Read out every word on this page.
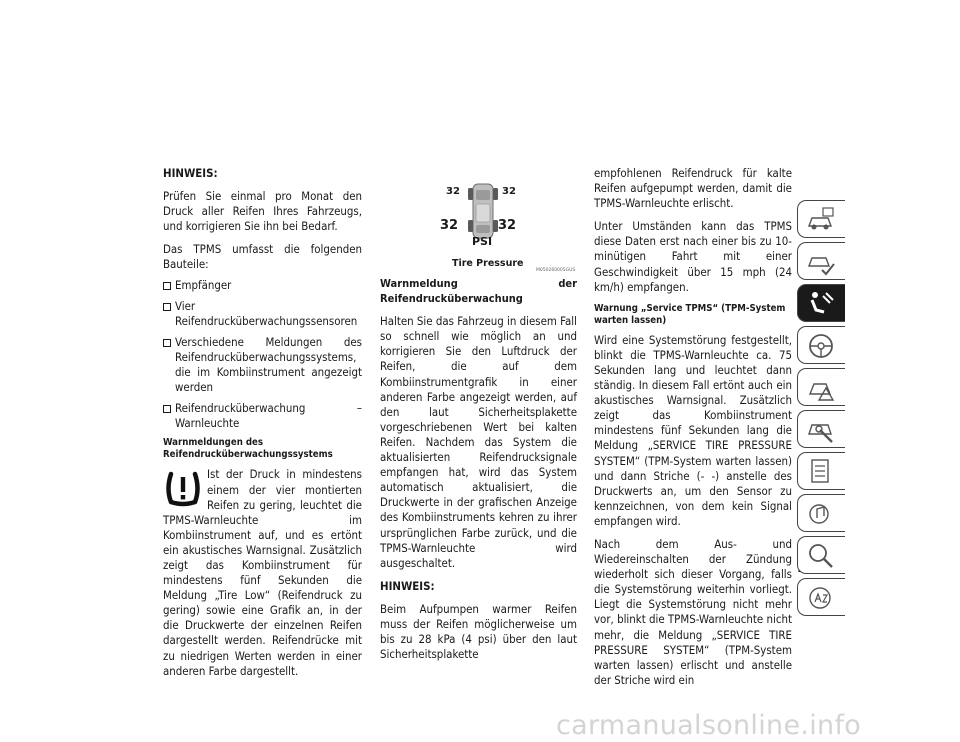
HINWEIS:

Prüfen Sie einmal pro Monat den Druck aller Reifen Ihres Fahrzeugs, und korrigieren Sie ihn bei Bedarf.

Das TPMS umfasst die folgenden Bauteile:

Empfänger
Vier Reifendrucküberwachungssensoren
Verschiedene Meldungen des Reifendrucküberwachungssystems, die im Kombiinstrument angezeigt werden
Reifendrucküberwachung – Warnleuchte
Warnmeldungen des Reifendrucküberwachungssystems

Ist der Druck in mindestens einem der vier montierten Reifen zu gering, leuchtet die TPMS-Warnleuchte im Kombiinstrument auf, und es ertönt ein akustisches Warnsignal. Zusätzlich zeigt das Kombiinstrument für mindestens fünf Sekunden die Meldung „Tire Low“ (Reifendruck zu gering) sowie eine Grafik an, in der die Druckwerte der einzelnen Reifen dargestellt werden. Reifendrücke mit zu niedrigen Werten werden in einer anderen Farbe dargestellt.

32	32
32	32
PSI
Tire Pressure
M050260005GUS

Warnmeldung der Reifendrucküberwachung

Halten Sie das Fahrzeug in diesem Fall so schnell wie möglich an und korrigieren Sie den Luftdruck der Reifen, die auf dem Kombiinstrumentgrafik in einer anderen Farbe angezeigt werden, auf den laut Sicherheitsplakette vorgeschriebenen Wert bei kalten Reifen. Nachdem das System die aktualisierten Reifendrucksignale empfangen hat, wird das System automatisch aktualisiert, die Druckwerte in der grafischen Anzeige des Kombiinstruments kehren zu ihrer ursprünglichen Farbe zurück, und die TPMS-Warnleuchte wird ausgeschaltet.

HINWEIS:

Beim Aufpumpen warmer Reifen muss der Reifen möglicherweise um bis zu 28 kPa (4 psi) über den laut Sicherheitsplakette

empfohlenen Reifendruck für kalte Reifen aufgepumpt werden, damit die TPMS-Warnleuchte erlischt.

Unter Umständen kann das TPMS diese Daten erst nach einer bis zu 10-minütigen Fahrt mit einer Geschwindigkeit über 15 mph (24 km/h) empfangen.

Warnung „Service TPMS“ (TPM-System warten lassen)

Wird eine Systemstörung festgestellt, blinkt die TPMS-Warnleuchte ca. 75 Sekunden lang und leuchtet dann ständig. In diesem Fall ertönt auch ein akustisches Warnsignal. Zusätzlich zeigt das Kombiinstrument mindestens fünf Sekunden lang die Meldung „SERVICE TIRE PRESSURE SYSTEM“ (TPM-System warten lassen) und dann Striche (- -) anstelle des Druckwerts an, um den Sensor zu kennzeichnen, von dem kein Signal empfangen wird.

Nach dem Aus- und Wiedereinschalten der Zündung wiederholt sich dieser Vorgang, falls die Systemstörung weiterhin vorliegt. Liegt die Systemstörung nicht mehr vor, blinkt die TPMS-Warnleuchte nicht mehr, die Meldung „SERVICE TIRE PRESSURE SYSTEM“ (TPM-System warten lassen) erlischt und anstelle der Striche wird ein

carmanualsonline.info
